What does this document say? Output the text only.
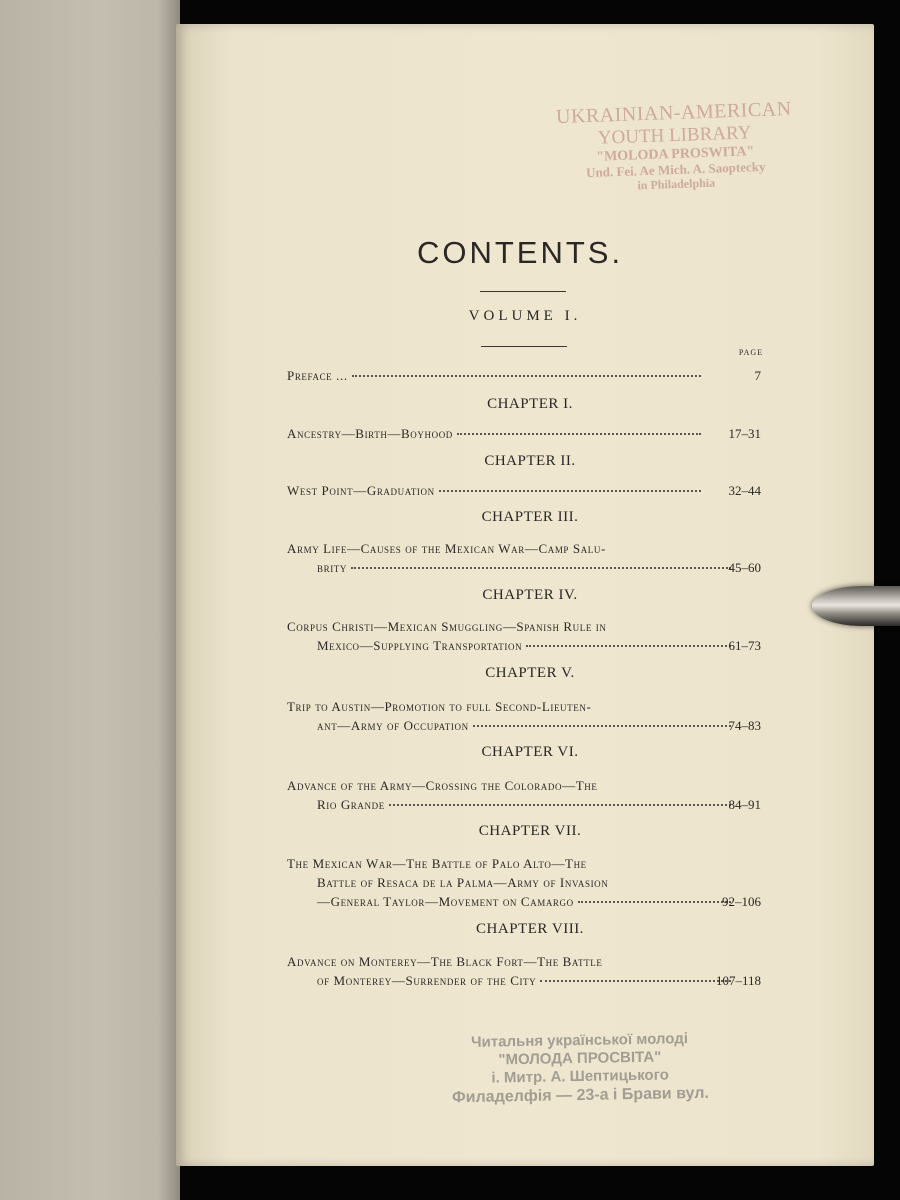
UKRAINIAN-AMERICAN
YOUTH LIBRARY
"MOLODA PROSWITA"
Und. Fei. Ae Mich. A. Saoptecky
in Philadelphia
CONTENTS.
VOLUME I.
PAGE
Preface ...	7
CHAPTER I.
Ancestry—Birth—Boyhood	17–31
CHAPTER II.
West Point—Graduation	32–44
CHAPTER III.
Army Life—Causes of the Mexican War—Camp Salu-
brity	45–60
CHAPTER IV.
Corpus Christi—Mexican Smuggling—Spanish Rule in
Mexico—Supplying Transportation	61–73
CHAPTER V.
Trip to Austin—Promotion to full Second-Lieuten-
ant—Army of Occupation	74–83
CHAPTER VI.
Advance of the Army—Crossing the Colorado—The
Rio Grande	84–91
CHAPTER VII.
The Mexican War—The Battle of Palo Alto—The
Battle of Resaca de la Palma—Army of Invasion
—General Taylor—Movement on Camargo	92–106
CHAPTER VIII.
Advance on Monterey—The Black Fort—The Battle
of Monterey—Surrender of the City	107–118
Читальня української молоді
"МОЛОДА ПРОСВІТА"
і. Митр. А. Шептицького
Филаделфія — 23-а і Брави вул.
